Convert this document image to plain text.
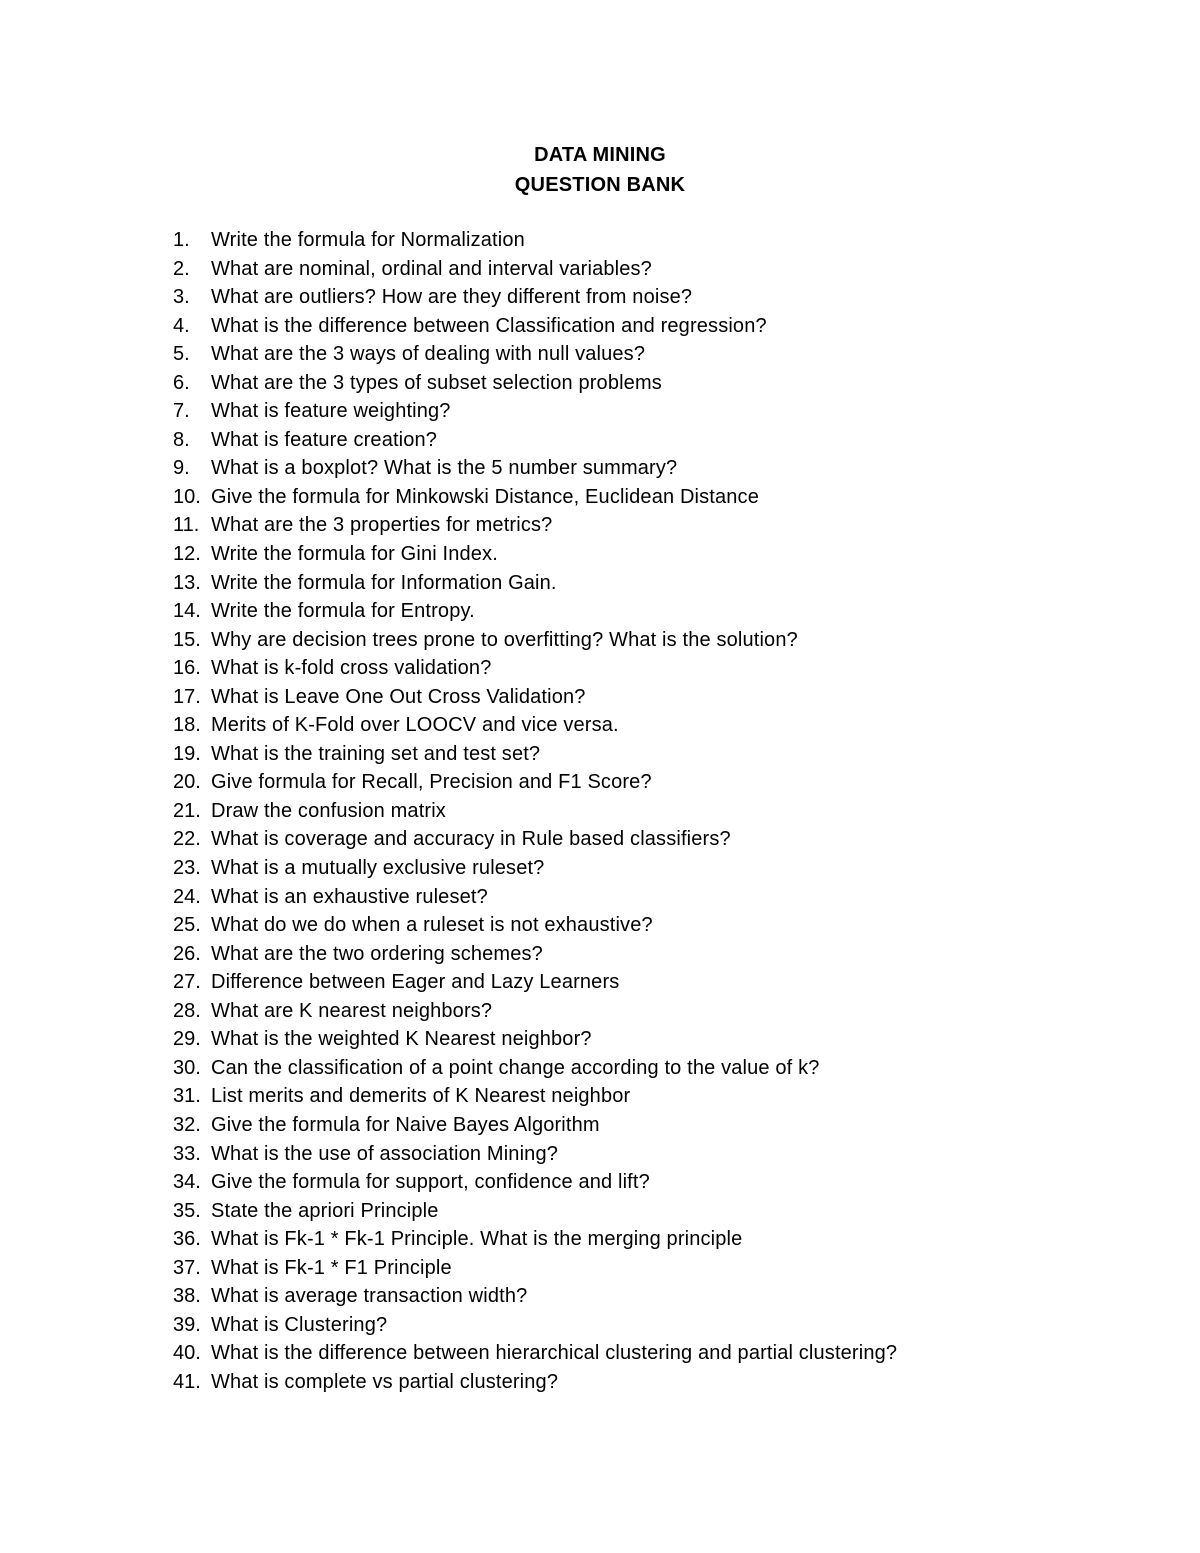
DATA MINING
QUESTION BANK
1.	Write the formula for Normalization
2.	What are nominal, ordinal and interval variables?
3.	What are outliers? How are they different from noise?
4.	What is the difference between Classification and regression?
5.	What are the 3 ways of dealing with null values?
6.	What are the 3 types of subset selection problems
7.	What is feature weighting?
8.	What is feature creation?
9.	What is a boxplot? What is the 5 number summary?
10. Give the formula for Minkowski Distance, Euclidean Distance
11. What are the 3 properties for metrics?
12. Write the formula for Gini Index.
13. Write the formula for Information Gain.
14. Write the formula for Entropy.
15. Why are decision trees prone to overfitting? What is the solution?
16. What is k-fold cross validation?
17. What is Leave One Out Cross Validation?
18. Merits of K-Fold over LOOCV and vice versa.
19. What is the training set and test set?
20. Give formula for Recall, Precision and F1 Score?
21. Draw the confusion matrix
22. What is coverage and accuracy in Rule based classifiers?
23. What is a mutually exclusive ruleset?
24. What is an exhaustive ruleset?
25. What do we do when a ruleset is not exhaustive?
26. What are the two ordering schemes?
27. Difference between Eager and Lazy Learners
28. What are K nearest neighbors?
29. What is the weighted K Nearest neighbor?
30. Can the classification of a point change according to the value of k?
31. List merits and demerits of K Nearest neighbor
32. Give the formula for Naive Bayes Algorithm
33. What is the use of association Mining?
34. Give the formula for support, confidence and lift?
35. State the apriori Principle
36. What is Fk-1 * Fk-1 Principle. What is the merging principle
37. What is Fk-1 * F1 Principle
38. What is average transaction width?
39. What is Clustering?
40. What is the difference between hierarchical clustering and partial clustering?
41. What is complete vs partial clustering?
